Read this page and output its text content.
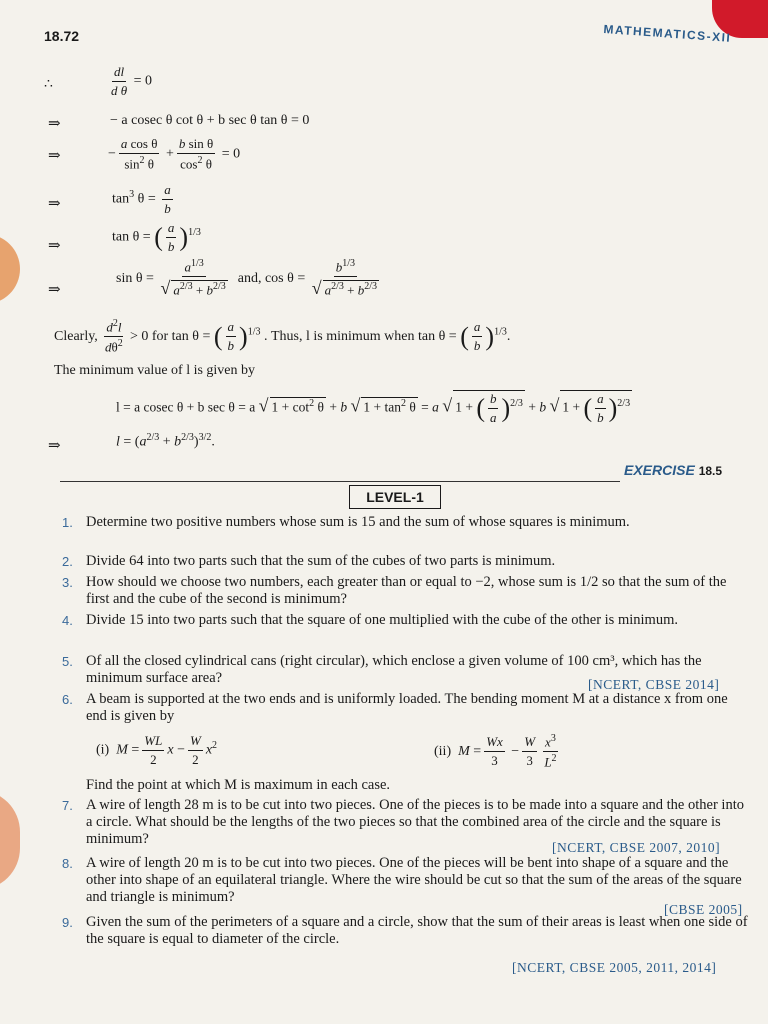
18.72	MATHEMATICS-XII
∴	$\frac{dl}{\text{d θ}} = 0$
⇒	− a cosec θ cot θ + b sec θ tan θ = 0
⇒	− $\frac{\text{a cos θ}}{\sin^2 \theta} + \frac{\text{b sin θ}}{\cos^2 \theta} = 0$
⇒	$\tan^3 \theta = \frac{a}{b}$
⇒
tan θ = ( $\frac{a}{b} )^{1/3}$
⇒
$\sin \theta = \frac{a^{1/3}}{√ a^{2/3} + b^{2/3}}$ and, $\cos \theta = \frac{b^{1/3}}{√ a^{2/3} + b^{2/3}}$
Clearly, $\frac{d^2l}{d\theta^2} > 0$ for tan θ = ( $\frac{a}{b} )^{1/3}$ . Thus, l is minimum when tan θ = ( $\frac{a}{b} )^{1/3}$.
The minimum value of l is given by
l = a cosec θ + b sec θ = a √ $1 + \cot^2 \theta + b$ √ $1 + \tan^2 \theta = a$ √ 1 + ( $\frac{b}{a} )^{2/3} + b$ √ 1 + ( $\frac{a}{b} )^{2/3}$
⇒	$l = (a^{2/3} + b^{2/3})^{3/2}$.
EXERCISE 18.5
LEVEL-1
1. Determine two positive numbers whose sum is 15 and the sum of whose squares is minimum.
2. Divide 64 into two parts such that the sum of the cubes of two parts is minimum.
3. How should we choose two numbers, each greater than or equal to −2, whose sum is 1/2 so that the sum of the first and the cube of the second is minimum?
4. Divide 15 into two parts such that the square of one multiplied with the cube of the other is minimum.
5. Of all the closed cylindrical cans (right circular), which enclose a given volume of 100 cm³, which has the minimum surface area?	[NCERT, CBSE 2014]
6. A beam is supported at the two ends and is uniformly loaded. The bending moment M at a distance x from one end is given by
(i) $M = \frac{WL}{2}$ $x - \frac{W}{2} x^2$	(ii) $M = \frac{Wx}{3} - \frac{W}{3} \frac{x^3}{L^2}$
Find the point at which M is maximum in each case.
7. A wire of length 28 m is to be cut into two pieces. One of the pieces is to be made into a square and the other into a circle. What should be the lengths of the two pieces so that the combined area of the circle and the square is minimum?
[NCERT, CBSE 2007, 2010]
8. A wire of length 20 m is to be cut into two pieces. One of the pieces will be bent into shape of a square and the other into shape of an equilateral triangle. Where the wire should be cut so that the sum of the areas of the square and triangle is minimum?
[CBSE 2005]
9. Given the sum of the perimeters of a square and a circle, show that the sum of their areas is least when one side of the square is equal to diameter of the circle.
[NCERT, CBSE 2005, 2011, 2014]
